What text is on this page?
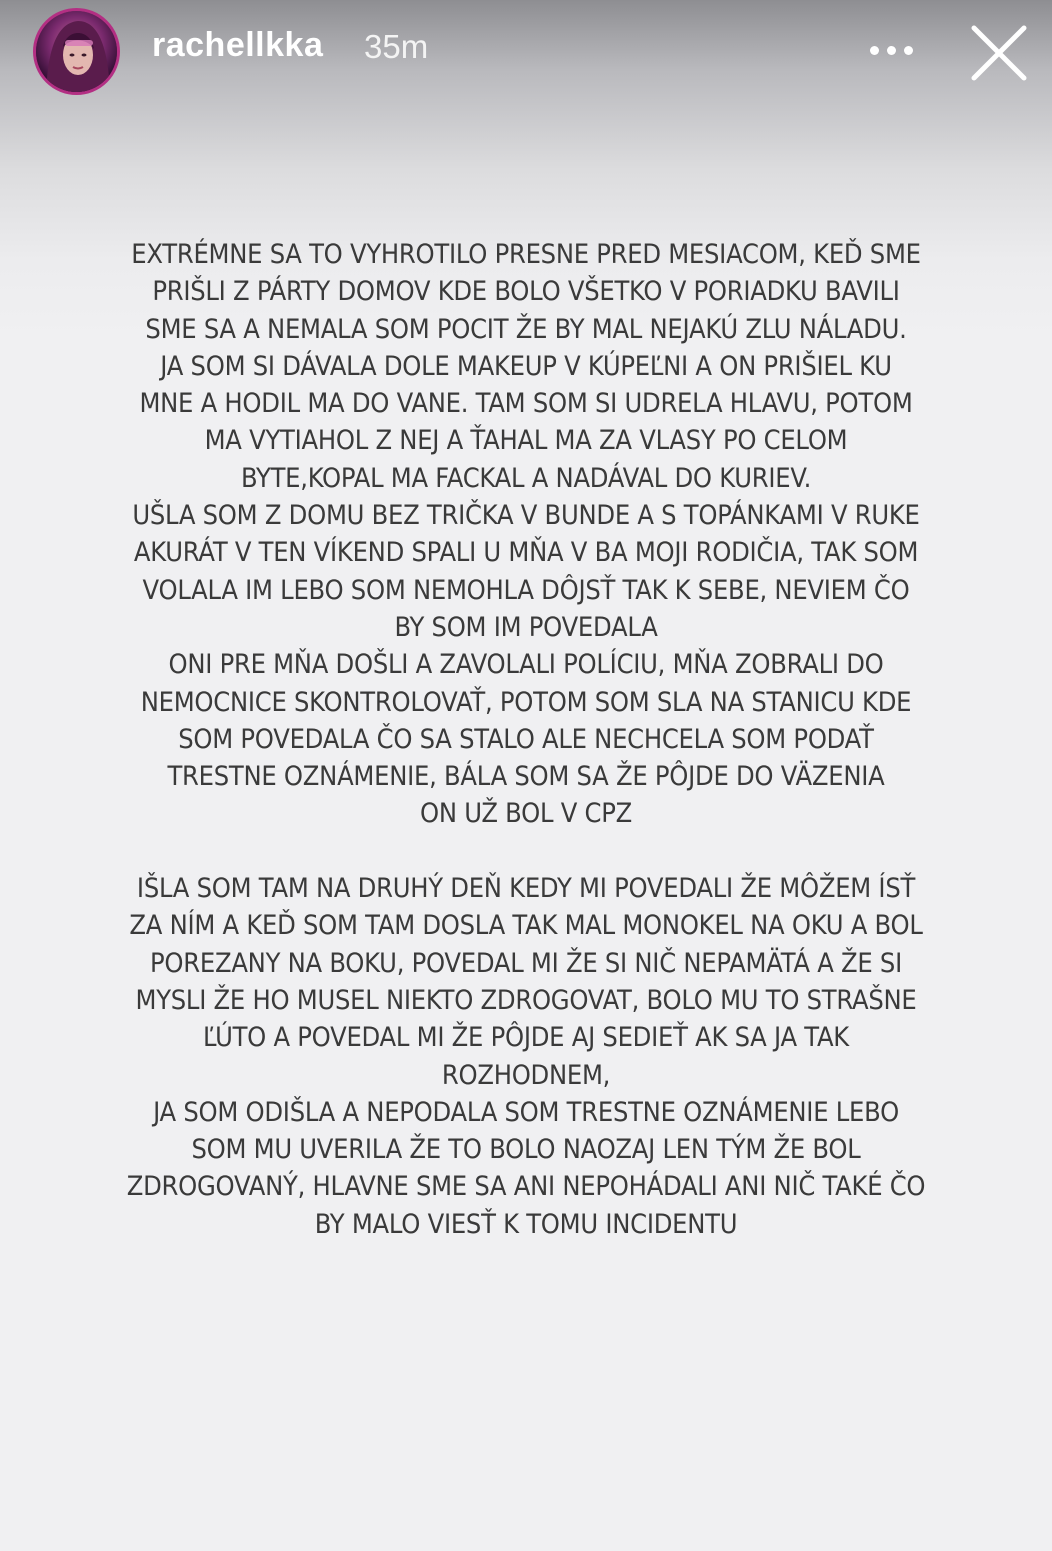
rachellkka 35m
EXTRÉMNE SA TO VYHROTILO PRESNE PRED MESIACOM, KEĎ SME
PRIŠLI Z PÁRTY DOMOV KDE BOLO VŠETKO V PORIADKU BAVILI
SME SA A NEMALA SOM POCIT ŽE BY MAL NEJAKÚ ZLU NÁLADU.
JA SOM SI DÁVALA DOLE MAKEUP V KÚPEĽNI A ON PRIŠIEL KU
MNE A HODIL MA DO VANE. TAM SOM SI UDRELA HLAVU, POTOM
MA VYTIAHOL Z NEJ A ŤAHAL MA ZA VLASY PO CELOM
BYTE,KOPAL MA FACKAL A NADÁVAL DO KURIEV.
UŠLA SOM Z DOMU BEZ TRIČKA V BUNDE A S TOPÁNKAMI V RUKE
AKURÁT V TEN VÍKEND SPALI U MŇA V BA MOJI RODIČIA, TAK SOM
VOLALA IM LEBO SOM NEMOHLA DÔJSŤ TAK K SEBE, NEVIEM ČO
BY SOM IM POVEDALA
ONI PRE MŇA DOŠLI A ZAVOLALI POLÍCIU, MŇA ZOBRALI DO
NEMOCNICE SKONTROLOVAŤ, POTOM SOM SLA NA STANICU KDE
SOM POVEDALA ČO SA STALO ALE NECHCELA SOM PODAŤ
TRESTNE OZNÁMENIE, BÁLA SOM SA ŽE PÔJDE DO VÄZENIA
ON UŽ BOL V CPZ
IŠLA SOM TAM NA DRUHÝ DEŇ KEDY MI POVEDALI ŽE MÔŽEM ÍSŤ
ZA NÍM A KEĎ SOM TAM DOSLA TAK MAL MONOKEL NA OKU A BOL
POREZANY NA BOKU, POVEDAL MI ŽE SI NIČ NEPAMÄTÁ A ŽE SI
MYSLI ŽE HO MUSEL NIEKTO ZDROGOVAT, BOLO MU TO STRAŠNE
ĽÚTO A POVEDAL MI ŽE PÔJDE AJ SEDIEŤ AK SA JA TAK
ROZHODNEM,
JA SOM ODIŠLA A NEPODALA SOM TRESTNE OZNÁMENIE LEBO
SOM MU UVERILA ŽE TO BOLO NAOZAJ LEN TÝM ŽE BOL
ZDROGOVANÝ, HLAVNE SME SA ANI NEPOHÁDALI ANI NIČ TAKÉ ČO
BY MALO VIESŤ K TOMU INCIDENTU
